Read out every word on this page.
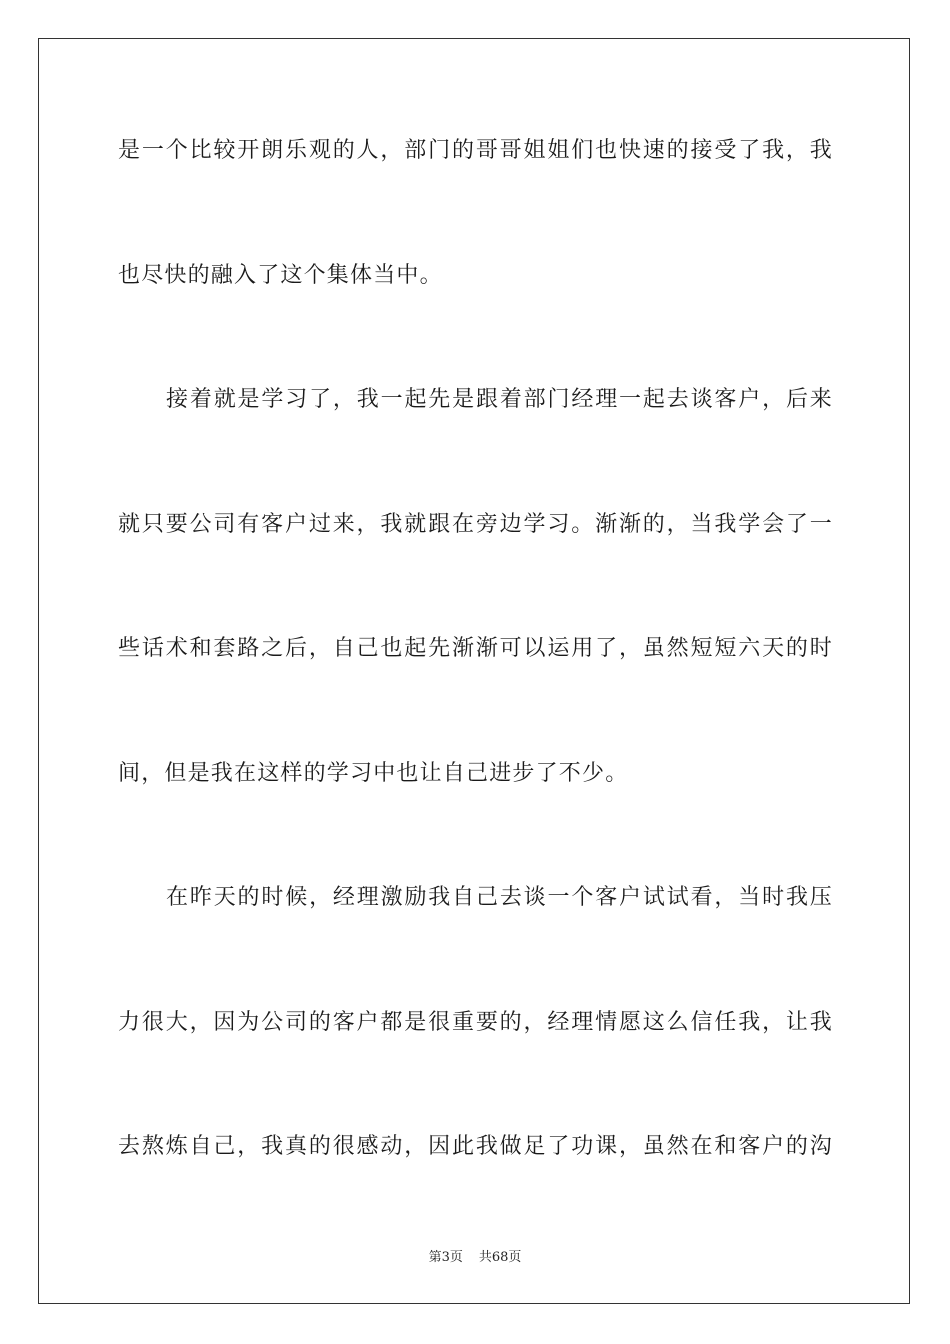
是一个比较开朗乐观的人，部门的哥哥姐姐们也快速的接受了我，我
也尽快的融入了这个集体当中。
接着就是学习了，我一起先是跟着部门经理一起去谈客户，后来
就只要公司有客户过来，我就跟在旁边学习。渐渐的，当我学会了一
些话术和套路之后，自己也起先渐渐可以运用了，虽然短短六天的时
间，但是我在这样的学习中也让自己进步了不少。
在昨天的时候，经理激励我自己去谈一个客户试试看，当时我压
力很大，因为公司的客户都是很重要的，经理情愿这么信任我，让我
去熬炼自己，我真的很感动，因此我做足了功课，虽然在和客户的沟
第3页 共68页
